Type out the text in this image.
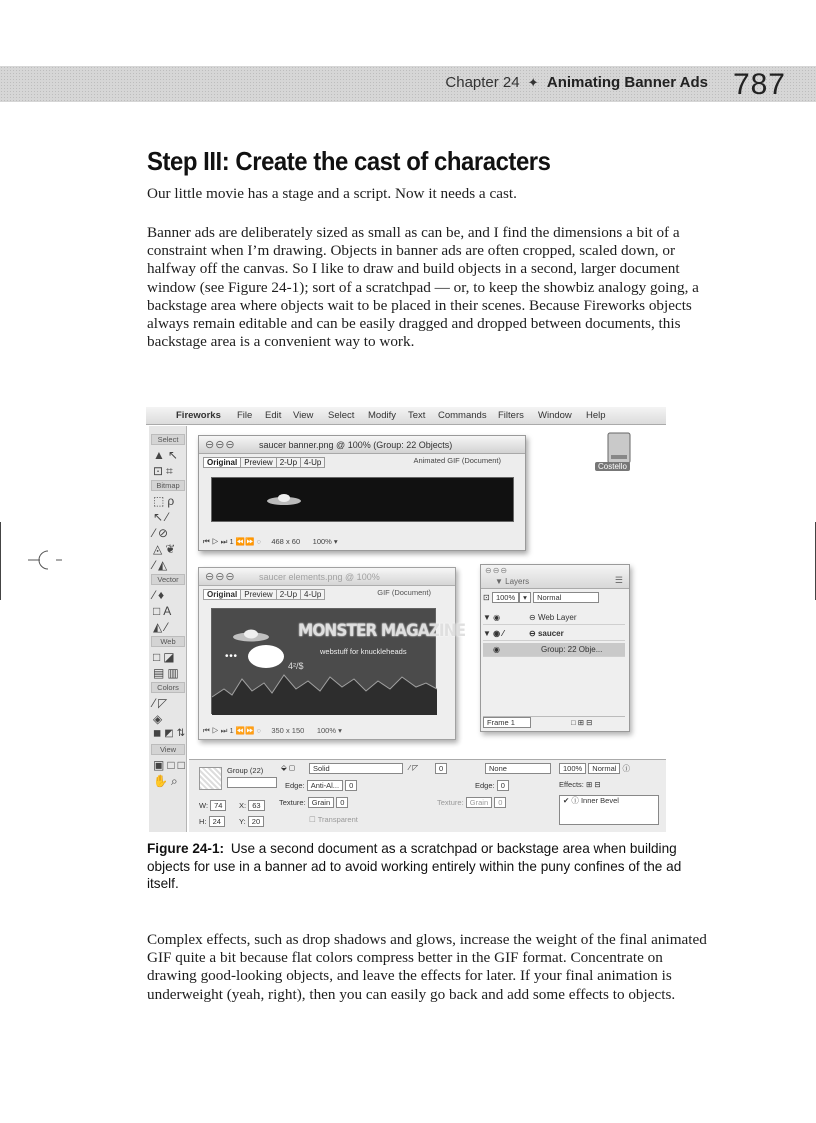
Chapter 24 ✦ Animating Banner Ads 787
Step III: Create the cast of characters

Our little movie has a stage and a script. Now it needs a cast.

Banner ads are deliberately sized as small as can be, and I find the dimensions a bit of a constraint when I’m drawing. Objects in banner ads are often cropped, scaled down, or halfway off the canvas. So I like to draw and build objects in a second, larger document window (see Figure 24-1); sort of a scratchpad — or, to keep the showbiz analogy going, a backstage area where objects wait to be placed in their scenes. Because Fireworks objects always remain editable and can be easily dragged and dropped between documents, this backstage area is a convenient way to work.

Fireworks File Edit View Select Modify Text Commands Filters Window Help
Select
▲↖
⊡⌗
Bitmap
⬚ρ
↖⁄
⁄⊘
◬❦
⁄◭
Vector
⁄♦
□A
◭⁄
Web
□◪
▤▥
Colors
⁄◸
◈
◼◩⇅
View
▣□□
✋⌕
Costello
⊖⊖⊖	saucer banner.png @ 100% (Group: 22 Objects)
Original Preview 2-Up 4-Up	Animated GIF (Document)
⏮ ▷ ⏭ 1 ⏪⏩ ◌     468 x 60 100% ▾
⊖⊖⊖	saucer elements.png @ 100%
Original Preview 2-Up 4-Up	GIF (Document)
• • •
MONSTER MAGAZINE
webstuff for knuckleheads
4²/$
⏮ ▷ ⏭ 1 ⏪⏩ ◌     350 x 150 100% ▾
⊖⊖⊖
▼ Layers	☰
⊡ 100% ▾ Normal
▼ ◉	⊖ Web Layer
▼ ◉ ⁄	⊖ saucer
◉	Group: 22 Obje...
Frame 1	□ ⊞ ⊟
Group (22)
W: 74
H: 24
X: 63
Y: 20
⬙ ◻	Solid
Edge: Anti-Al... 0
Texture: Grain 0
☐ Transparent
⁄ ◸	0	None
Edge: 0
Texture: Grain 0
100% Normal ⓘ
Effects: ⊞ ⊟
✔ ⓘ Inner Bevel
Figure 24-1: Use a second document as a scratchpad or backstage area when building objects for use in a banner ad to avoid working entirely within the puny confines of the ad itself.

Complex effects, such as drop shadows and glows, increase the weight of the final animated GIF quite a bit because flat colors compress better in the GIF format. Concentrate on drawing good-looking objects, and leave the effects for later. If your final animation is underweight (yeah, right), then you can easily go back and add some effects to objects.
